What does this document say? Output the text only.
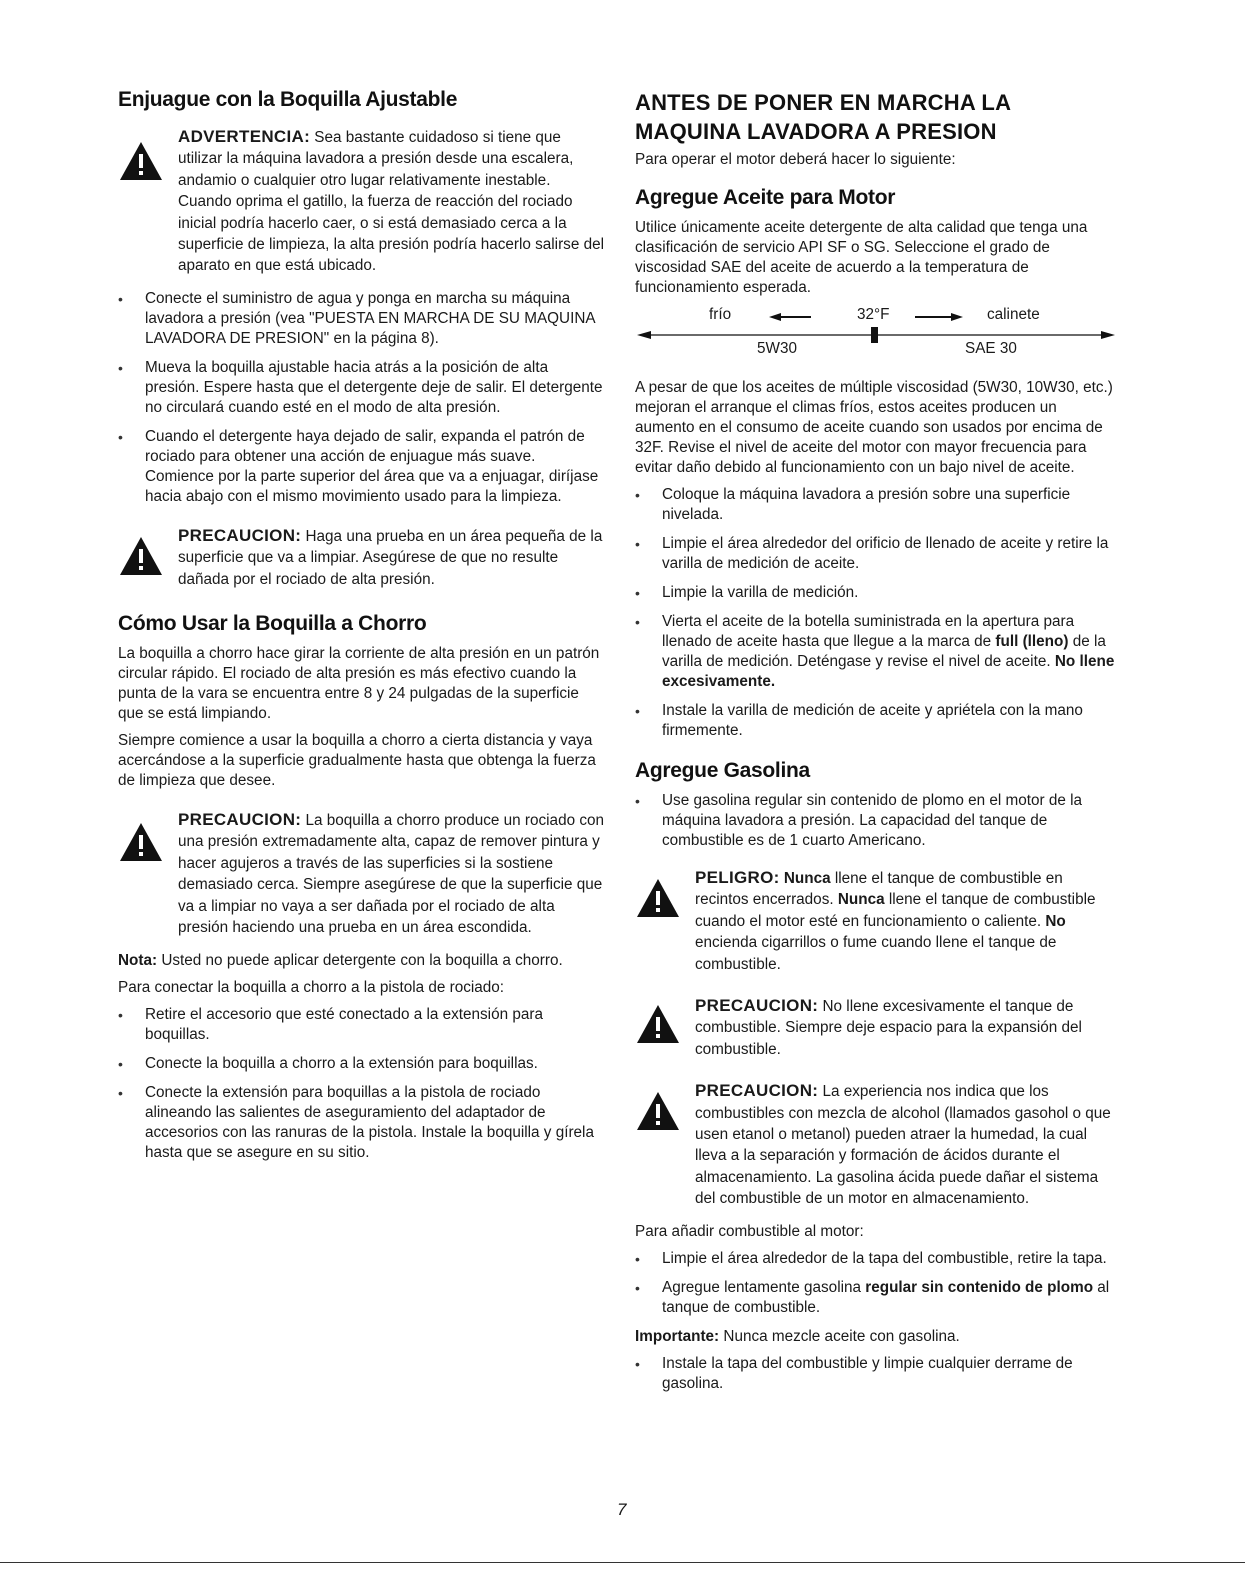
Enjuague con la Boquilla Ajustable
ADVERTENCIA: Sea bastante cuidadoso si tiene que utilizar la máquina lavadora a presión desde una escalera, andamio o cualquier otro lugar relativamente inestable. Cuando oprima el gatillo, la fuerza de reacción del rociado inicial podría hacerlo caer, o si está demasiado cerca a la superficie de limpieza, la alta presión podría hacerlo salirse del aparato en que está ubicado.
• Conecte el suministro de agua y ponga en marcha su máquina lavadora a presión (vea "PUESTA EN MARCHA DE SU MAQUINA LAVADORA DE PRESION" en la página 8).
• Mueva la boquilla ajustable hacia atrás a la posición de alta presión. Espere hasta que el detergente deje de salir. El detergente no circulará cuando esté en el modo de alta presión.
• Cuando el detergente haya dejado de salir, expanda el patrón de rociado para obtener una acción de enjuague más suave. Comience por la parte superior del área que va a enjuagar, diríjase hacia abajo con el mismo movimiento usado para la limpieza.
PRECAUCION: Haga una prueba en un área pequeña de la superficie que va a limpiar. Asegúrese de que no resulte dañada por el rociado de alta presión.
Cómo Usar la Boquilla a Chorro

La boquilla a chorro hace girar la corriente de alta presión en un patrón circular rápido. El rociado de alta presión es más efectivo cuando la punta de la vara se encuentra entre 8 y 24 pulgadas de la superficie que se está limpiando.

Siempre comience a usar la boquilla a chorro a cierta distancia y vaya acercándose a la superficie gradualmente hasta que obtenga la fuerza de limpieza que desee.

PRECAUCION: La boquilla a chorro produce un rociado con una presión extremadamente alta, capaz de remover pintura y hacer agujeros a través de las superficies si la sostiene demasiado cerca. Siempre asegúrese de que la superficie que va a limpiar no vaya a ser dañada por el rociado de alta presión haciendo una prueba en un área escondida.

Nota: Usted no puede aplicar detergente con la boquilla a chorro.

Para conectar la boquilla a chorro a la pistola de rociado:

• Retire el accesorio que esté conectado a la extensión para boquillas.
• Conecte la boquilla a chorro a la extensión para boquillas.
• Conecte la extensión para boquillas a la pistola de rociado alineando las salientes de aseguramiento del adaptador de accesorios con las ranuras de la pistola. Instale la boquilla y gírela hasta que se asegure en su sitio.
ANTES DE PONER EN MARCHA LA MAQUINA LAVADORA A PRESION

Para operar el motor deberá hacer lo siguiente:

Agregue Aceite para Motor

Utilice únicamente aceite detergente de alta calidad que tenga una clasificación de servicio API SF o SG. Seleccione el grado de viscosidad SAE del aceite de acuerdo a la temperatura de funcionamiento esperada.

frío	32°F	calinete
5W30	SAE 30

A pesar de que los aceites de múltiple viscosidad (5W30, 10W30, etc.) mejoran el arranque el climas fríos, estos aceites producen un aumento en el consumo de aceite cuando son usados por encima de 32F. Revise el nivel de aceite del motor con mayor frecuencia para evitar daño debido al funcionamiento con un bajo nivel de aceite.

• Coloque la máquina lavadora a presión sobre una superficie nivelada.
• Limpie el área alrededor del orificio de llenado de aceite y retire la varilla de medición de aceite.
• Limpie la varilla de medición.
• Vierta el aceite de la botella suministrada en la apertura para llenado de aceite hasta que llegue a la marca de full (lleno) de la varilla de medición. Deténgase y revise el nivel de aceite. No llene excesivamente.
• Instale la varilla de medición de aceite y apriétela con la mano firmemente.
Agregue Gasolina
• Use gasolina regular sin contenido de plomo en el motor de la máquina lavadora a presión. La capacidad del tanque de combustible es de 1 cuarto Americano.
PELIGRO: Nunca llene el tanque de combustible en recintos encerrados. Nunca llene el tanque de combustible cuando el motor esté en funcionamiento o caliente. No encienda cigarrillos o fume cuando llene el tanque de combustible.
PRECAUCION: No llene excesivamente el tanque de combustible. Siempre deje espacio para la expansión del combustible.
PRECAUCION: La experiencia nos indica que los combustibles con mezcla de alcohol (llamados gasohol o que usen etanol o metanol) pueden atraer la humedad, la cual lleva a la separación y formación de ácidos durante el almacenamiento. La gasolina ácida puede dañar el sistema del combustible de un motor en almacenamiento.

Para añadir combustible al motor:

• Limpie el área alrededor de la tapa del combustible, retire la tapa.
• Agregue lentamente gasolina regular sin contenido de plomo al tanque de combustible.

Importante: Nunca mezcle aceite con gasolina.

• Instale la tapa del combustible y limpie cualquier derrame de gasolina.
7
